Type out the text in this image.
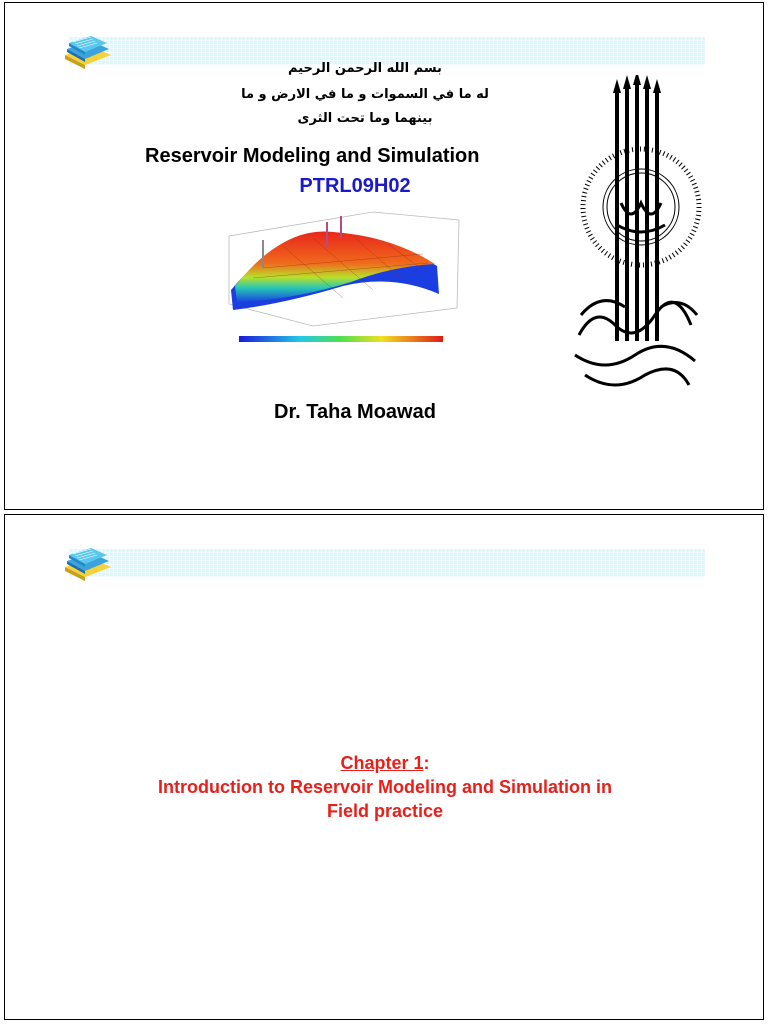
بسم الله الرحمن الرحيم
له ما في السموات و ما في الارض و ما
بينهما وما تحت الثرى
Reservoir Modeling and Simulation
PTRL09H02
Dr. Taha Moawad
Chapter 1:
Introduction to Reservoir Modeling and Simulation in
Field practice
